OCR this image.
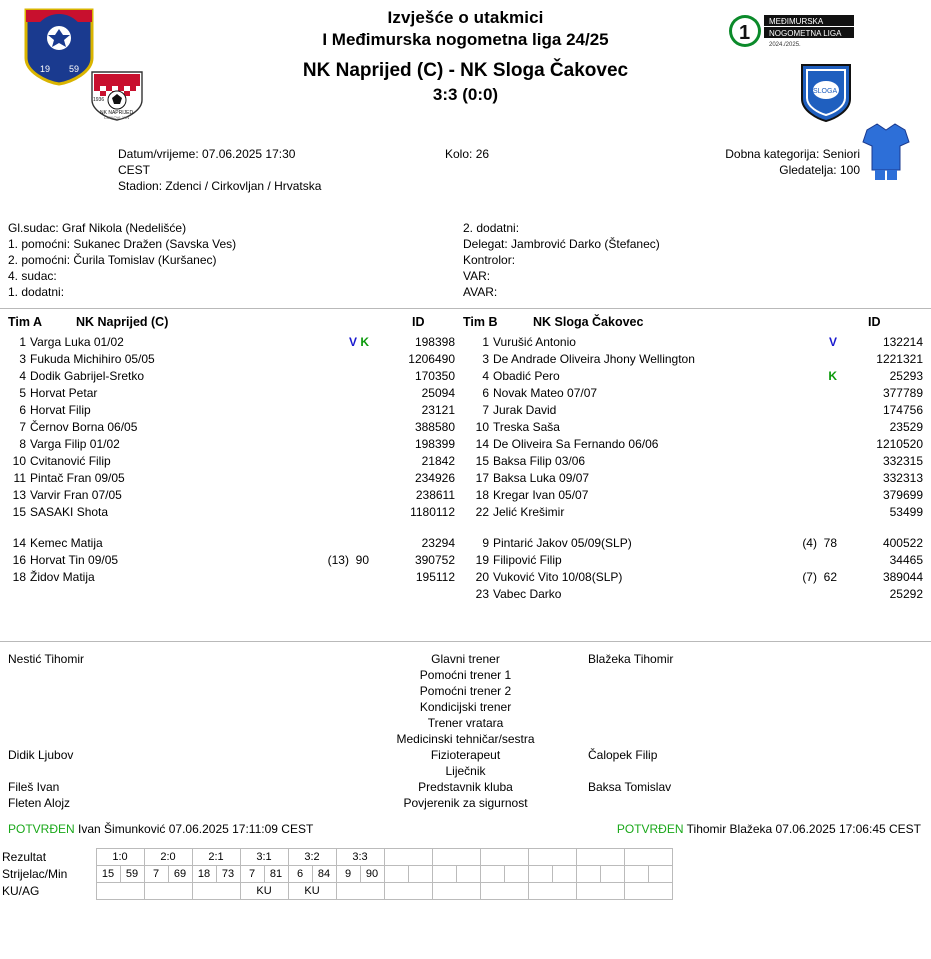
19 59
1936
NK NAPRIJED
CIRKOVLJAN
Izvješće o utakmici
I Međimurska nogometna liga 24/25
NK Naprijed (C) - NK Sloga Čakovec
3:3 (0:0)
1
MEĐIMURSKA
NOGOMETNA LIGA
2024./2025.
SLOGA
Datum/vrijeme: 07.06.2025 17:30
CEST
Stadion: Zdenci / Cirkovljan / Hrvatska
Kolo: 26	Dobna kategorija: Seniori
Gledatelja: 100
Gl.sudac: Graf Nikola (Nedelišće)
1. pomoćni: Sukanec Dražen (Savska Ves)
2. pomoćni: Čurila Tomislav (Kuršanec)
4. sudac:
1. dodatni:
2. dodatni:
Delegat: Jambrović Darko (Štefanec)
Kontrolor:
VAR:
AVAR:
Tim A	NK Naprijed (C)	ID	Tim B	NK Sloga Čakovec	ID
1 Varga Luka 01/02	V K	198398
3 Fukuda Michihiro 05/05	1206490
4 Dodik Gabrijel-Sretko	170350
5 Horvat Petar	25094
6 Horvat Filip	23121
7 Černov Borna 06/05	388580
8 Varga Filip 01/02	198399
10 Cvitanović Filip	21842
11 Pintač Fran 09/05	234926
13 Varvir Fran 07/05	238611
15 SASAKI Shota	1180112
14 Kemec Matija	23294
16 Horvat Tin 09/05	(13)  90	390752
18 Židov Matija	195112
1 Vurušić Antonio	V	132214
3 De Andrade Oliveira Jhony Wellington	1221321
4 Obadić Pero	K	25293
6 Novak Mateo 07/07	377789
7 Jurak David	174756
10 Treska Saša	23529
14 De Oliveira Sa Fernando 06/06	1210520
15 Baksa Filip 03/06	332315
17 Baksa Luka 09/07	332313
18 Kregar Ivan 05/07	379699
22 Jelić Krešimir	53499
9 Pintarić Jakov 05/09(SLP)	(4)  78	400522
19 Filipović Filip	34465
20 Vuković Vito 10/08(SLP)	(7)  62	389044
23 Vabec Darko	25292
Nestić Tihomir	Glavni trener	Blažeka Tihomir
Pomoćni trener 1
Pomoćni trener 2
Kondicijski trener
Trener vratara
Medicinski tehničar/sestra
Didik Ljubov	Fizioterapeut	Čalopek Filip
Liječnik
Fileš Ivan	Predstavnik kluba	Baksa Tomislav
Fleten Alojz	Povjerenik za sigurnost
POTVRĐEN Ivan Šimunković 07.06.2025 17:11:09 CEST	POTVRĐEN Tihomir Blažeka 07.06.2025 17:06:45 CEST
Rezultat	1:0		2:0		2:1		3:1		3:2		3:3													
Strijelac/Min	15	59	7	69	18	73	7	81	6	84	9	90												
KU/AG							KU		KU															
